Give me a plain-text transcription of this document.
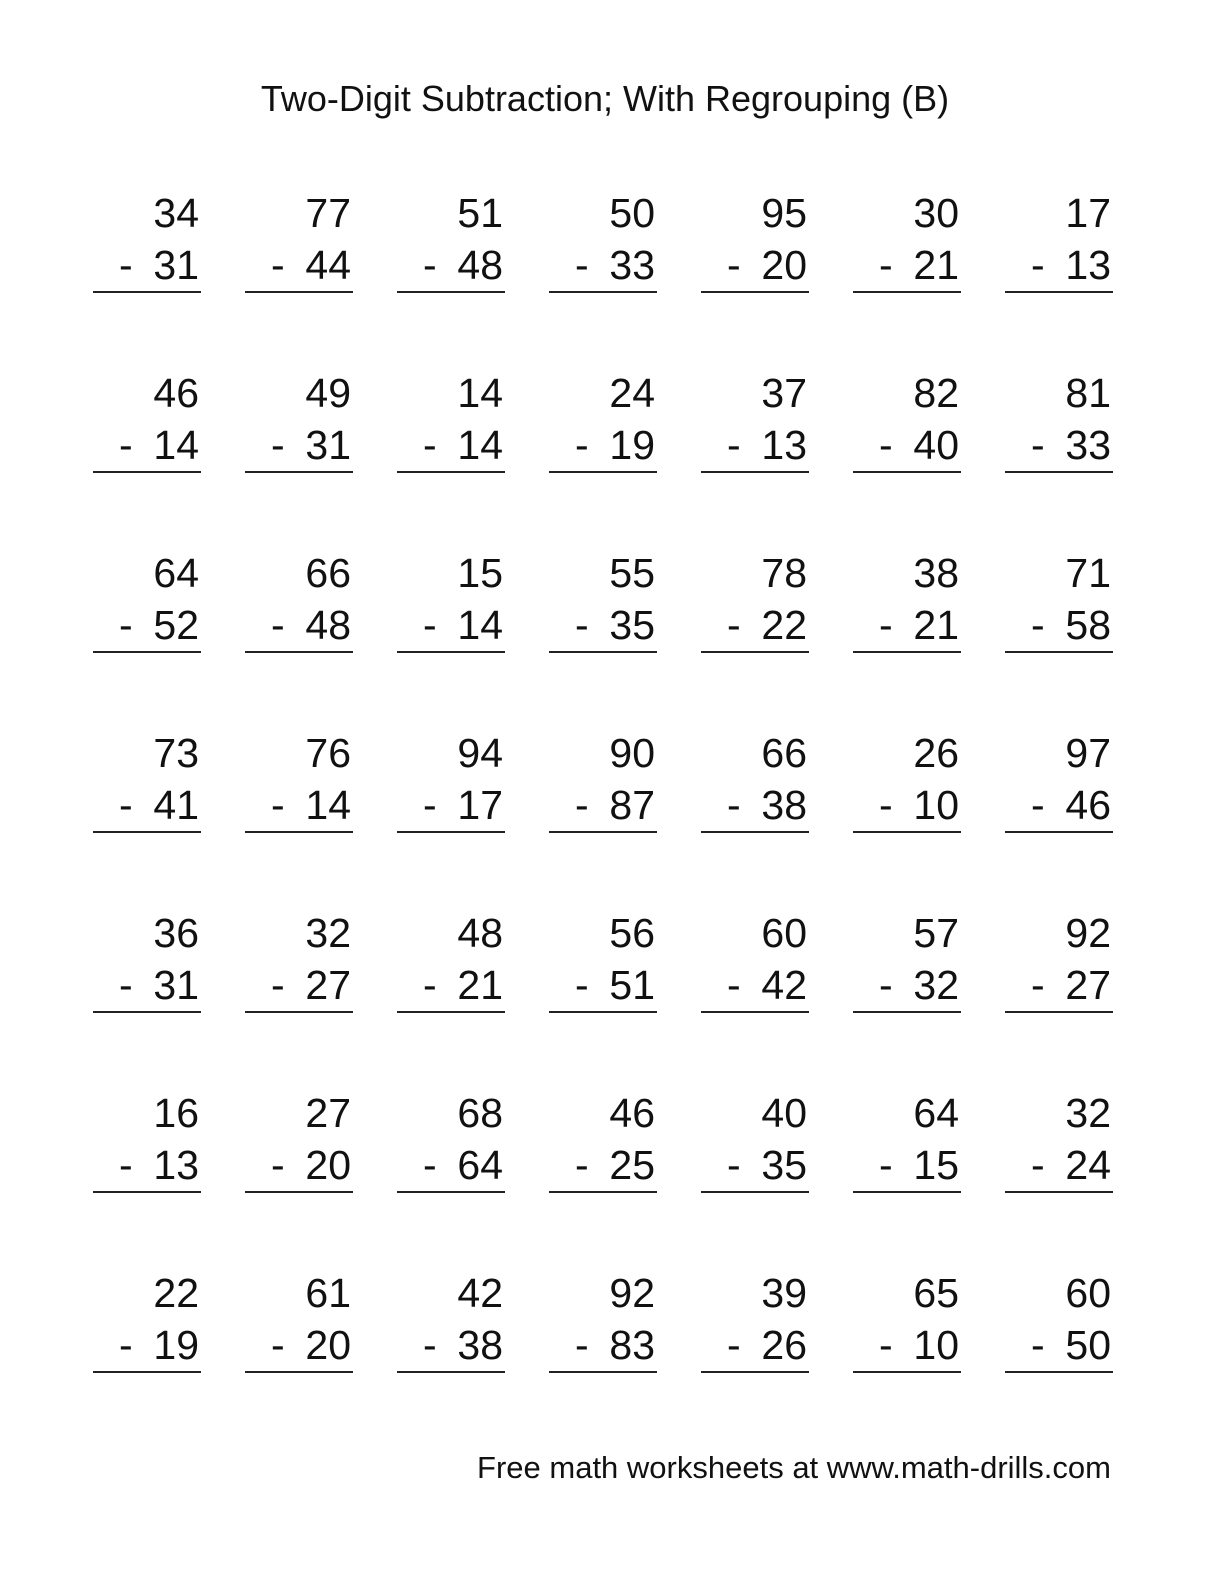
Two-Digit Subtraction; With Regrouping (B)
34
- 31
77
- 44
51
- 48
50
- 33
95
- 20
30
- 21
17
- 13
46
- 14
49
- 31
14
- 14
24
- 19
37
- 13
82
- 40
81
- 33
64
- 52
66
- 48
15
- 14
55
- 35
78
- 22
38
- 21
71
- 58
73
- 41
76
- 14
94
- 17
90
- 87
66
- 38
26
- 10
97
- 46
36
- 31
32
- 27
48
- 21
56
- 51
60
- 42
57
- 32
92
- 27
16
- 13
27
- 20
68
- 64
46
- 25
40
- 35
64
- 15
32
- 24
22
- 19
61
- 20
42
- 38
92
- 83
39
- 26
65
- 10
60
- 50
Free math worksheets at www.math-drills.com
